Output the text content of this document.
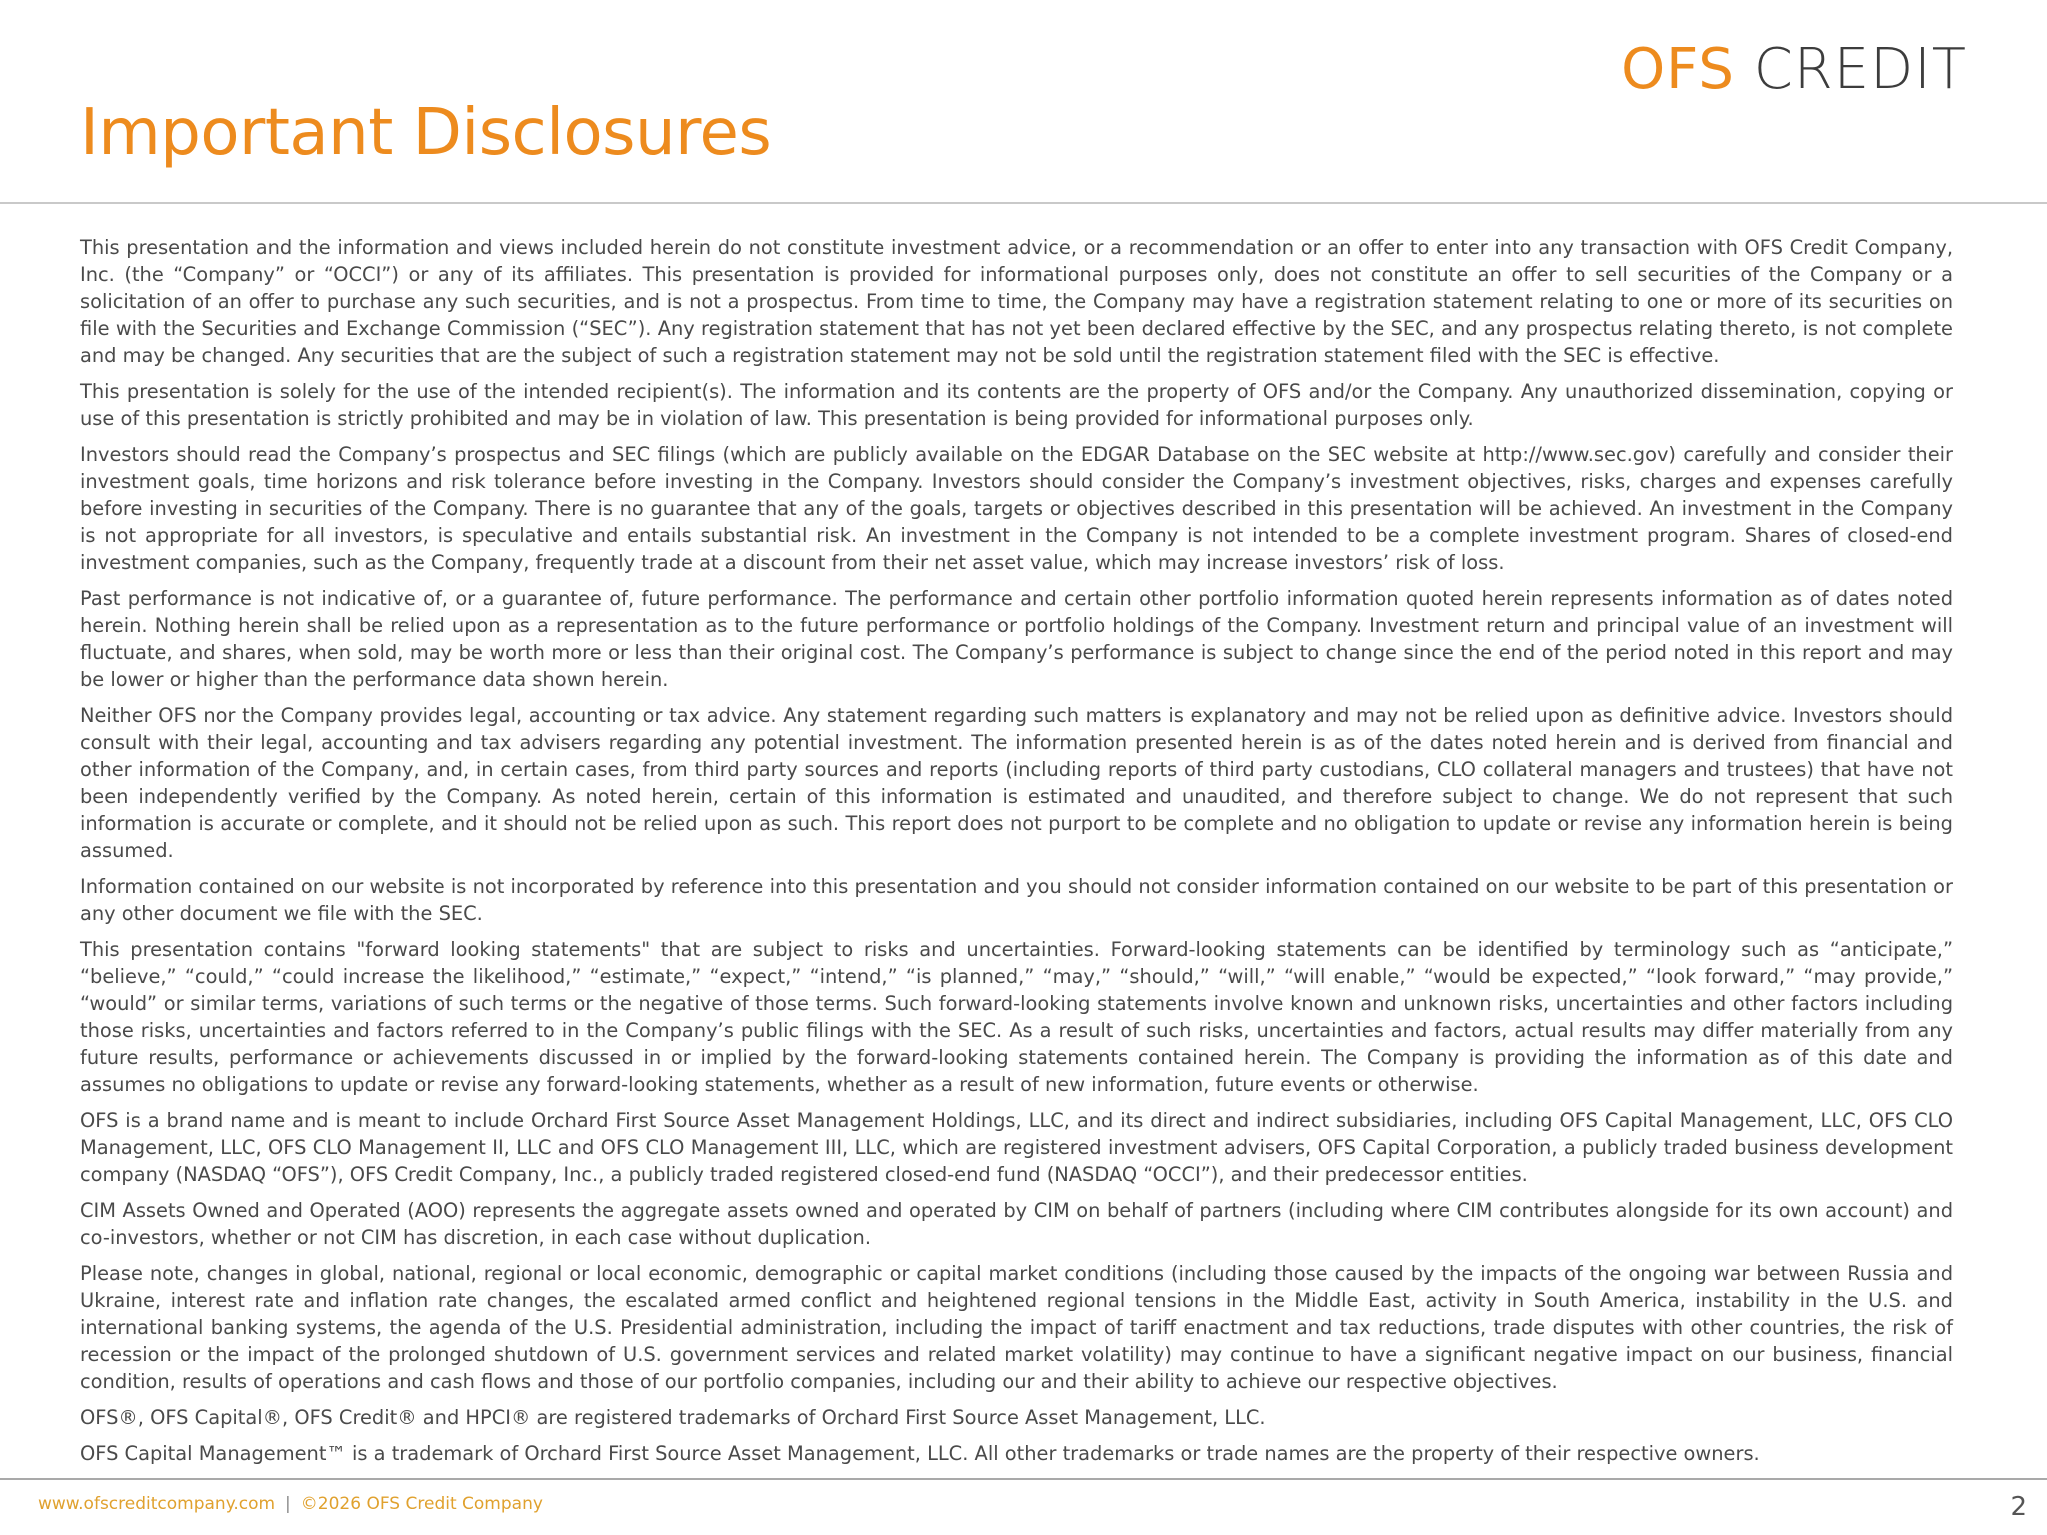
OFS CREDIT
Important Disclosures

This presentation and the information and views included herein do not constitute investment advice, or a recommendation or an offer to enter into any transaction with OFS Credit Company, Inc. (the “Company” or “OCCI”) or any of its affiliates. This presentation is provided for informational purposes only, does not constitute an offer to sell securities of the Company or a solicitation of an offer to purchase any such securities, and is not a prospectus. From time to time, the Company may have a registration statement relating to one or more of its securities on file with the Securities and Exchange Commission (“SEC”). Any registration statement that has not yet been declared effective by the SEC, and any prospectus relating thereto, is not complete and may be changed. Any securities that are the subject of such a registration statement may not be sold until the registration statement filed with the SEC is effective.

This presentation is solely for the use of the intended recipient(s). The information and its contents are the property of OFS and/or the Company. Any unauthorized dissemination, copying or use of this presentation is strictly prohibited and may be in violation of law. This presentation is being provided for informational purposes only.

Investors should read the Company’s prospectus and SEC filings (which are publicly available on the EDGAR Database on the SEC website at http://www.sec.gov) carefully and consider their investment goals, time horizons and risk tolerance before investing in the Company. Investors should consider the Company’s investment objectives, risks, charges and expenses carefully before investing in securities of the Company. There is no guarantee that any of the goals, targets or objectives described in this presentation will be achieved. An investment in the Company is not appropriate for all investors, is speculative and entails substantial risk. An investment in the Company is not intended to be a complete investment program. Shares of closed-end investment companies, such as the Company, frequently trade at a discount from their net asset value, which may increase investors’ risk of loss.

Past performance is not indicative of, or a guarantee of, future performance. The performance and certain other portfolio information quoted herein represents information as of dates noted herein. Nothing herein shall be relied upon as a representation as to the future performance or portfolio holdings of the Company. Investment return and principal value of an investment will fluctuate, and shares, when sold, may be worth more or less than their original cost. The Company’s performance is subject to change since the end of the period noted in this report and may be lower or higher than the performance data shown herein.

Neither OFS nor the Company provides legal, accounting or tax advice. Any statement regarding such matters is explanatory and may not be relied upon as definitive advice. Investors should consult with their legal, accounting and tax advisers regarding any potential investment. The information presented herein is as of the dates noted herein and is derived from financial and other information of the Company, and, in certain cases, from third party sources and reports (including reports of third party custodians, CLO collateral managers and trustees) that have not been independently verified by the Company. As noted herein, certain of this information is estimated and unaudited, and therefore subject to change. We do not represent that such information is accurate or complete, and it should not be relied upon as such. This report does not purport to be complete and no obligation to update or revise any information herein is being assumed.

Information contained on our website is not incorporated by reference into this presentation and you should not consider information contained on our website to be part of this presentation or any other document we file with the SEC.

This presentation contains "forward looking statements" that are subject to risks and uncertainties. Forward-looking statements can be identified by terminology such as “anticipate,” “believe,” “could,” “could increase the likelihood,” “estimate,” “expect,” “intend,” “is planned,” “may,” “should,” “will,” “will enable,” “would be expected,” “look forward,” “may provide,” “would” or similar terms, variations of such terms or the negative of those terms. Such forward-looking statements involve known and unknown risks, uncertainties and other factors including those risks, uncertainties and factors referred to in the Company’s public filings with the SEC. As a result of such risks, uncertainties and factors, actual results may differ materially from any future results, performance or achievements discussed in or implied by the forward-looking statements contained herein. The Company is providing the information as of this date and assumes no obligations to update or revise any forward-looking statements, whether as a result of new information, future events or otherwise.

OFS is a brand name and is meant to include Orchard First Source Asset Management Holdings, LLC, and its direct and indirect subsidiaries, including OFS Capital Management, LLC, OFS CLO Management, LLC, OFS CLO Management II, LLC and OFS CLO Management III, LLC, which are registered investment advisers, OFS Capital Corporation, a publicly traded business development company (NASDAQ “OFS”), OFS Credit Company, Inc., a publicly traded registered closed-end fund (NASDAQ “OCCI”), and their predecessor entities.

CIM Assets Owned and Operated (AOO) represents the aggregate assets owned and operated by CIM on behalf of partners (including where CIM contributes alongside for its own account) and co-investors, whether or not CIM has discretion, in each case without duplication.

Please note, changes in global, national, regional or local economic, demographic or capital market conditions (including those caused by the impacts of the ongoing war between Russia and Ukraine, interest rate and inflation rate changes, the escalated armed conflict and heightened regional tensions in the Middle East, activity in South America, instability in the U.S. and international banking systems, the agenda of the U.S. Presidential administration, including the impact of tariff enactment and tax reductions, trade disputes with other countries, the risk of recession or the impact of the prolonged shutdown of U.S. government services and related market volatility) may continue to have a significant negative impact on our business, financial condition, results of operations and cash flows and those of our portfolio companies, including our and their ability to achieve our respective objectives.

OFS®, OFS Capital®, OFS Credit® and HPCI® are registered trademarks of Orchard First Source Asset Management, LLC.

OFS Capital Management™ is a trademark of Orchard First Source Asset Management, LLC. All other trademarks or trade names are the property of their respective owners.

www.ofscreditcompany.com | ©2026 OFS Credit Company	2
